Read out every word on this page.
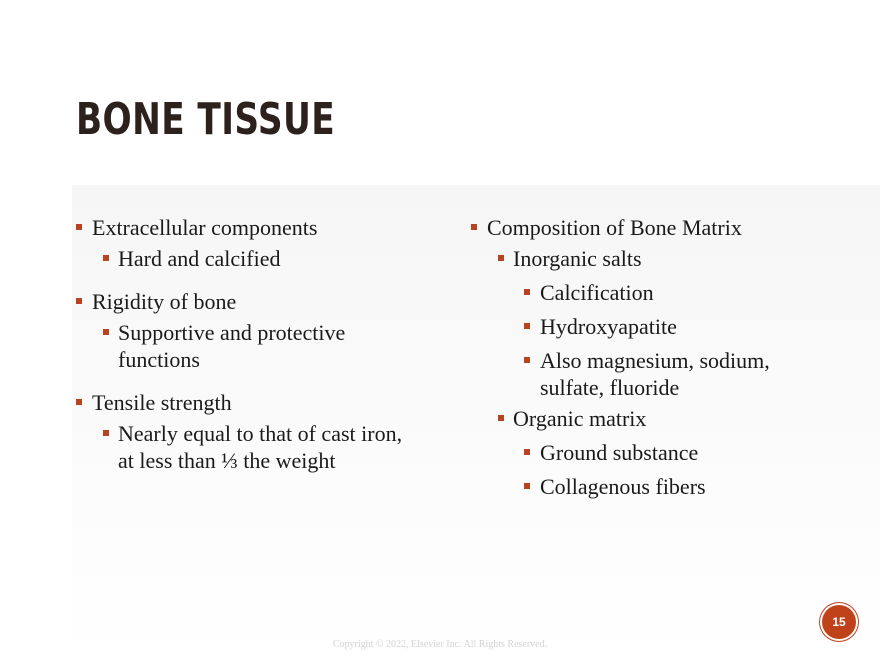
BONE TISSUE
Extracellular components
Hard and calcified
Rigidity of bone
Supportive and protective functions
Tensile strength
Nearly equal to that of cast iron, at less than ⅓ the weight
Composition of Bone Matrix
Inorganic salts
Calcification
Hydroxyapatite
Also magnesium, sodium, sulfate, fluoride
Organic matrix
Ground substance
Collagenous fibers
15
Copyright © 2022, Elsevier Inc. All Rights Reserved.
